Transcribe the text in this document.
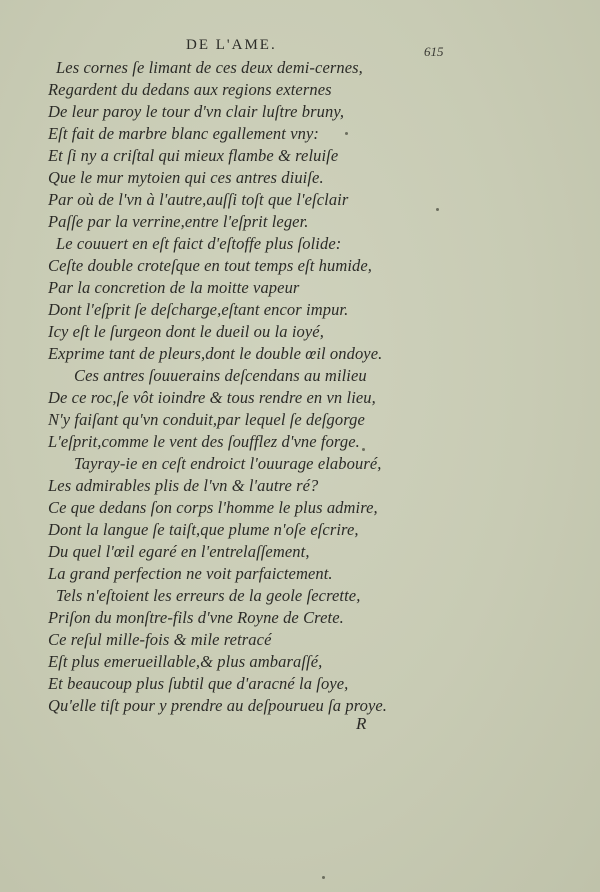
DE L'AME.	615
Les cornes ſe limant de ces deux demi-cernes,
Regardent du dedans aux regions externes
De leur paroy le tour d'vn clair luſtre bruny,
Eſt fait de marbre blanc egallement vny:
Et ſi ny a criſtal qui mieux flambe & reluiſe
Que le mur mytoien qui ces antres diuiſe.
Par où de l'vn à l'autre,auſſi toſt que l'eſclair
Paſſe par la verrine,entre l'eſprit leger.
Le couuert en eſt faict d'eſtoffe plus ſolide:
Ceſte double croteſque en tout temps eſt humide,
Par la concretion de la moitte vapeur
Dont l'eſprit ſe deſcharge,eſtant encor impur.
Icy eſt le ſurgeon dont le dueil ou la ioyé,
Exprime tant de pleurs,dont le double œil ondoye.
Ces antres ſouuerains deſcendans au milieu
De ce roc,ſe vôt ioindre & tous rendre en vn lieu,
N'y faiſant qu'vn conduit,par lequel ſe deſgorge
L'eſprit,comme le vent des ſoufflez d'vne forge.
Tayray-ie en ceſt endroict l'ouurage elabouré,
Les admirables plis de l'vn & l'autre ré?
Ce que dedans ſon corps l'homme le plus admire,
Dont la langue ſe taiſt,que plume n'oſe eſcrire,
Du quel l'œil egaré en l'entrelaſſement,
La grand perfection ne voit parfaictement.
Tels n'eſtoient les erreurs de la geole ſecrette,
Priſon du monſtre-fils d'vne Royne de Crete.
Ce reſul mille-fois & mile retracé
Eſt plus emerueillable,& plus ambaraſſé,
Et beaucoup plus ſubtil que d'aracné la ſoye,
Qu'elle tiſt pour y prendre au deſpourueu ſa proye.
R
